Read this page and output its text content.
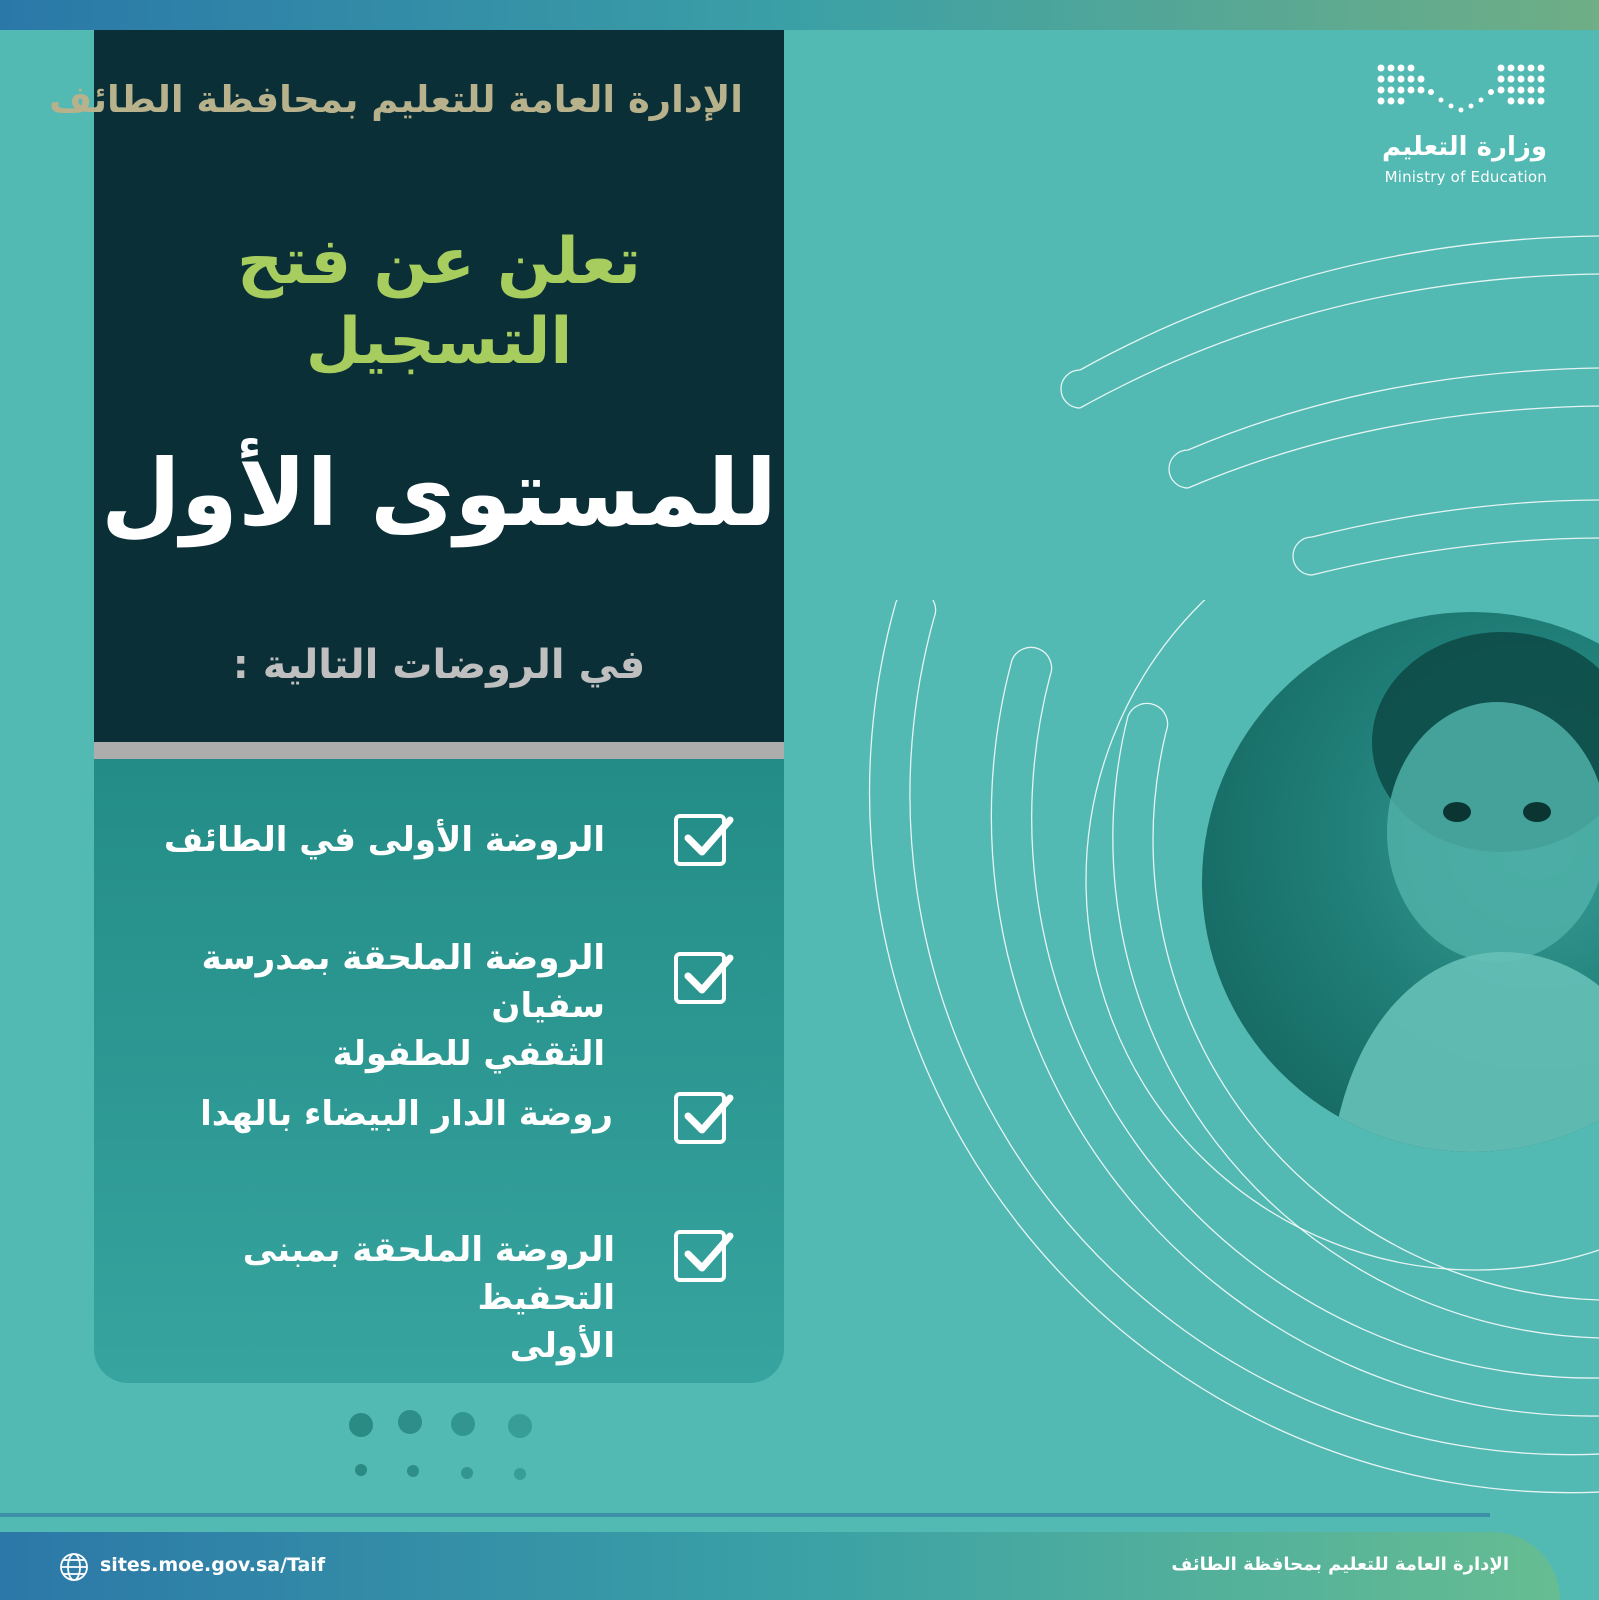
وزارة التعليم
Ministry of Education
الإدارة العامة للتعليم بمحافظة الطائف
تعلن عن فتح
التسجيل
للمستوى الأول
في الروضات التالية :
الروضة الأولى في الطائف
الروضة الملحقة بمدرسة سفيان
الثقفي للطفولة
روضة الدار البيضاء بالهدا
الروضة الملحقة بمبنى التحفيظ
الأولى
sites.moe.gov.sa/Taif	الإدارة العامة للتعليم بمحافظة الطائف
